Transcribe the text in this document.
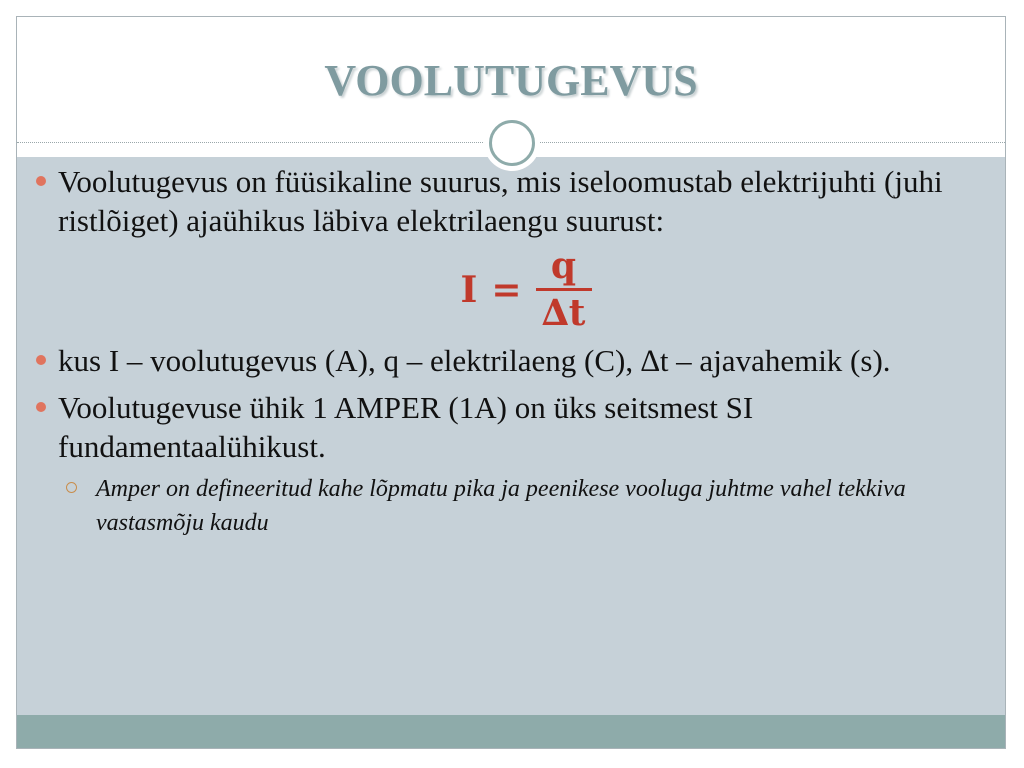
VOOLUTUGEVUS
Voolutugevus on füüsikaline suurus, mis iseloomustab elektrijuhti (juhi ristlõiget) ajaühikus läbiva elektrilaengu suurust:
$I = \frac{q}{\Delta t}$
kus I – voolutugevus (A), q – elektrilaeng (C), ∆t – ajavahemik (s).
Voolutugevuse ühik 1 AMPER (1A) on üks seitsmest SI fundamentaalühikust.
Amper on defineeritud kahe lõpmatu pika ja peenikese vooluga juhtme vahel tekkiva vastasmõju kaudu
